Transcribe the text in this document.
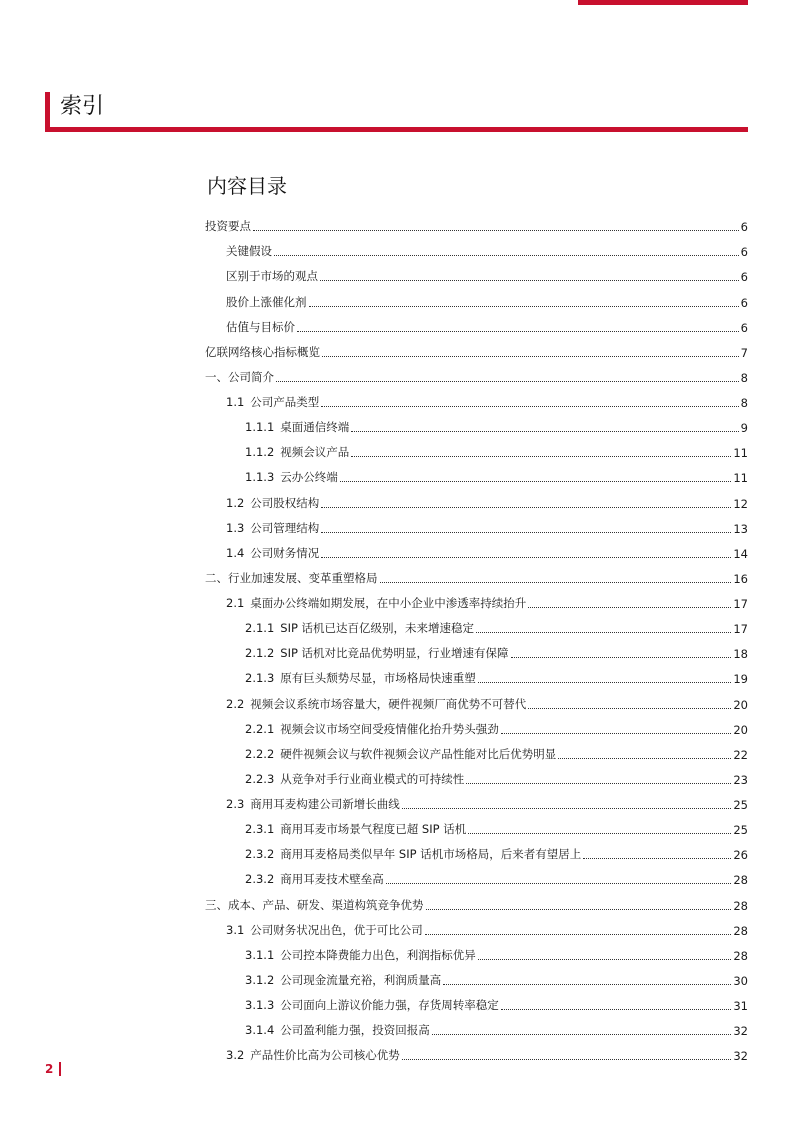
索引
内容目录
投资要点	6
关键假设	6
区别于市场的观点	6
股价上涨催化剂	6
估值与目标价	6
亿联网络核心指标概览	7
一、公司简介	8
1.1 公司产品类型	8
1.1.1 桌面通信终端	9
1.1.2 视频会议产品	11
1.1.3 云办公终端	11
1.2 公司股权结构	12
1.3 公司管理结构	13
1.4 公司财务情况	14
二、行业加速发展、变革重塑格局	16
2.1 桌面办公终端如期发展，在中小企业中渗透率持续抬升	17
2.1.1 SIP 话机已达百亿级别，未来增速稳定	17
2.1.2 SIP 话机对比竞品优势明显，行业增速有保障	18
2.1.3 原有巨头颓势尽显，市场格局快速重塑	19
2.2 视频会议系统市场容量大，硬件视频厂商优势不可替代	20
2.2.1 视频会议市场空间受疫情催化抬升势头强劲	20
2.2.2 硬件视频会议与软件视频会议产品性能对比后优势明显	22
2.2.3 从竞争对手行业商业模式的可持续性	23
2.3 商用耳麦构建公司新增长曲线	25
2.3.1 商用耳麦市场景气程度已超 SIP 话机	25
2.3.2 商用耳麦格局类似早年 SIP 话机市场格局，后来者有望居上	26
2.3.2 商用耳麦技术壁垒高	28
三、成本、产品、研发、渠道构筑竞争优势	28
3.1 公司财务状况出色，优于可比公司	28
3.1.1 公司控本降费能力出色，利润指标优异	28
3.1.2 公司现金流量充裕，利润质量高	30
3.1.3 公司面向上游议价能力强，存货周转率稳定	31
3.1.4 公司盈利能力强，投资回报高	32
3.2 产品性价比高为公司核心优势	32
2
